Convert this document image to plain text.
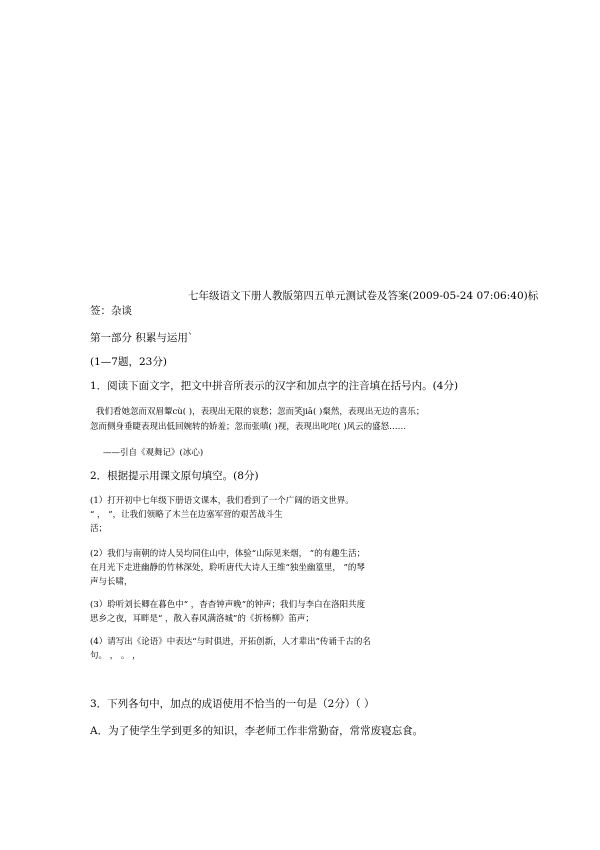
七年级语文下册人教版第四五单元测试卷及答案(2009-05-24 07:06:40)标
签：杂谈
第一部分 积累与运用`
(1—7题，23分)
1．阅读下面文字，把文中拼音所表示的汉字和加点字的注音填在括号内。(4分)
我们看她忽而双眉颦cù( )，表现出无限的哀愁；忽而笑jiā( )粲然，表现出无边的喜乐；
忽而侧身垂睫表现出低回婉转的娇羞；忽而张嗔( )视，表现出叱咤( )风云的盛怒……
——引自《观舞记》(冰心)
2．根据提示用课文原句填空。(8分)
(1）打开初中七年级下册语文课本，我们看到了一个广阔的语文世界。
“ ， ”，让我们领略了木兰在边塞军营的艰苦战斗生
活；
(2）我们与南朝的诗人吴均同住山中，体验“山际见来烟， ”的有趣生活；
在月光下走进幽静的竹林深处，聆听唐代大诗人王维“独坐幽篁里， ”的琴
声与长啸，
(3）聆听刘长卿在暮色中“ ，杳杳钟声晚”的钟声；我们与李白在洛阳共度
思乡之夜，耳畔是“ ，散入春风满洛城”的《折杨柳》笛声；
(4）请写出《论语》中表达“与时俱进，开拓创新，人才辈出”传诵千古的名
句。 ， 。 ，
3．下列各句中，加点的成语使用不恰当的一句是（2分）（ ）
A．为了使学生学到更多的知识，李老师工作非常勤奋，常常废寝忘食。
